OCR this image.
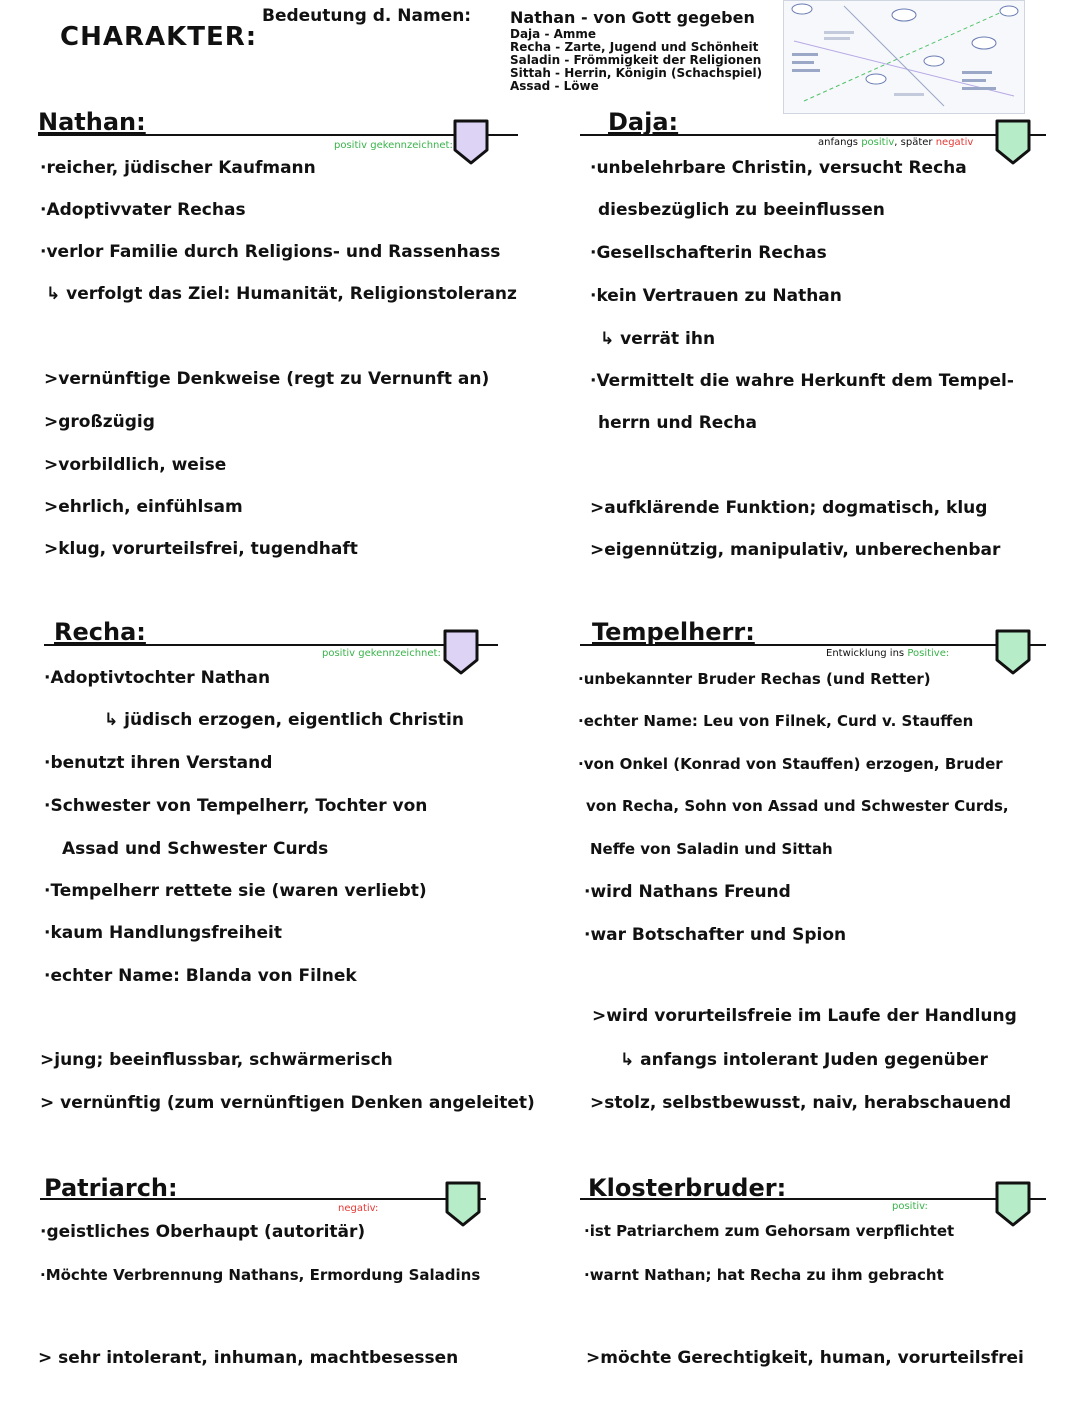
CHARAKTER:
Bedeutung d. Namen: Nathan - von Gott gegeben
Daja - Amme
Recha - Zarte, Jugend und Schönheit
Saladin - Frömmigkeit der Religionen
Sittah - Herrin, Königin (Schachspiel)
Assad - Löwe
Nathan:
positiv gekennzeichnet:
·reicher, jüdischer Kaufmann
·Adoptivvater Rechas
·verlor Familie durch Religions- und Rassenhass
↳ verfolgt das Ziel: Humanität, Religionstoleranz
>vernünftige Denkweise (regt zu Vernunft an)
>großzügig
>vorbildlich, weise
>ehrlich, einfühlsam
>klug, vorurteilsfrei, tugendhaft
Daja:
anfangs positiv, später negativ
·unbelehrbare Christin, versucht Recha
diesbezüglich zu beeinflussen
·Gesellschafterin Rechas
·kein Vertrauen zu Nathan
↳ verrät ihn
·Vermittelt die wahre Herkunft dem Tempel-
herrn und Recha
>aufklärende Funktion; dogmatisch, klug
>eigennützig, manipulativ, unberechenbar
Recha:
positiv gekennzeichnet:
·Adoptivtochter Nathan
↳ jüdisch erzogen, eigentlich Christin
·benutzt ihren Verstand
·Schwester von Tempelherr, Tochter von
Assad und Schwester Curds
·Tempelherr rettete sie (waren verliebt)
·kaum Handlungsfreiheit
·echter Name: Blanda von Filnek
>jung; beeinflussbar, schwärmerisch
> vernünftig (zum vernünftigen Denken angeleitet)
Tempelherr:
Entwicklung ins Positive:
·unbekannter Bruder Rechas (und Retter)
·echter Name: Leu von Filnek, Curd v. Stauffen
·von Onkel (Konrad von Stauffen) erzogen, Bruder
von Recha, Sohn von Assad und Schwester Curds,
Neffe von Saladin und Sittah
·wird Nathans Freund
·war Botschafter und Spion
>wird vorurteilsfreie im Laufe der Handlung
↳ anfangs intolerant Juden gegenüber
>stolz, selbstbewusst, naiv, herabschauend
Patriarch:
negativ:
·geistliches Oberhaupt (autoritär)
·Möchte Verbrennung Nathans, Ermordung Saladins
> sehr intolerant, inhuman, machtbesessen
Klosterbruder:
positiv:
·ist Patriarchem zum Gehorsam verpflichtet
·warnt Nathan; hat Recha zu ihm gebracht
>möchte Gerechtigkeit, human, vorurteilsfrei
